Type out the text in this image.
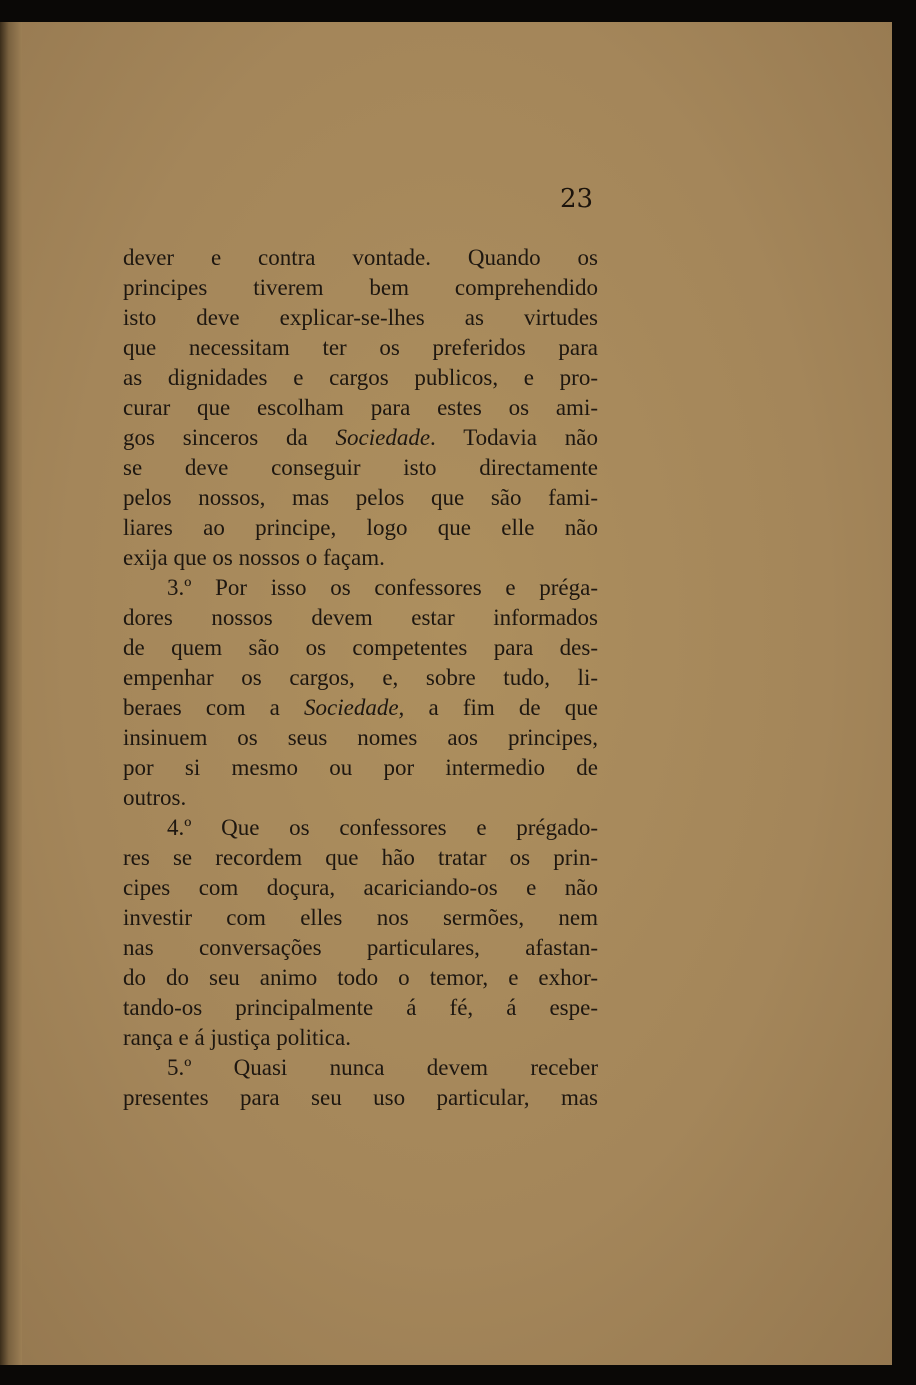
23
dever e contra vontade. Quando os
principes tiverem bem comprehendido
isto deve explicar-se-lhes as virtudes
que necessitam ter os preferidos para
as dignidades e cargos publicos, e pro-
curar que escolham para estes os ami-
gos sinceros da Sociedade. Todavia não
se deve conseguir isto directamente
pelos nossos, mas pelos que são fami-
liares ao principe, logo que elle não
exija que os nossos o façam.
3.º Por isso os confessores e préga-
dores nossos devem estar informados
de quem são os competentes para des-
empenhar os cargos, e, sobre tudo, li-
beraes com a Sociedade, a fim de que
insinuem os seus nomes aos principes,
por si mesmo ou por intermedio de
outros.
4.º Que os confessores e prégado-
res se recordem que hão tratar os prin-
cipes com doçura, acariciando-os e não
investir com elles nos sermões, nem
nas conversações particulares, afastan-
do do seu animo todo o temor, e exhor-
tando-os principalmente á fé, á espe-
rança e á justiça politica.
5.º Quasi nunca devem receber
presentes para seu uso particular, mas
